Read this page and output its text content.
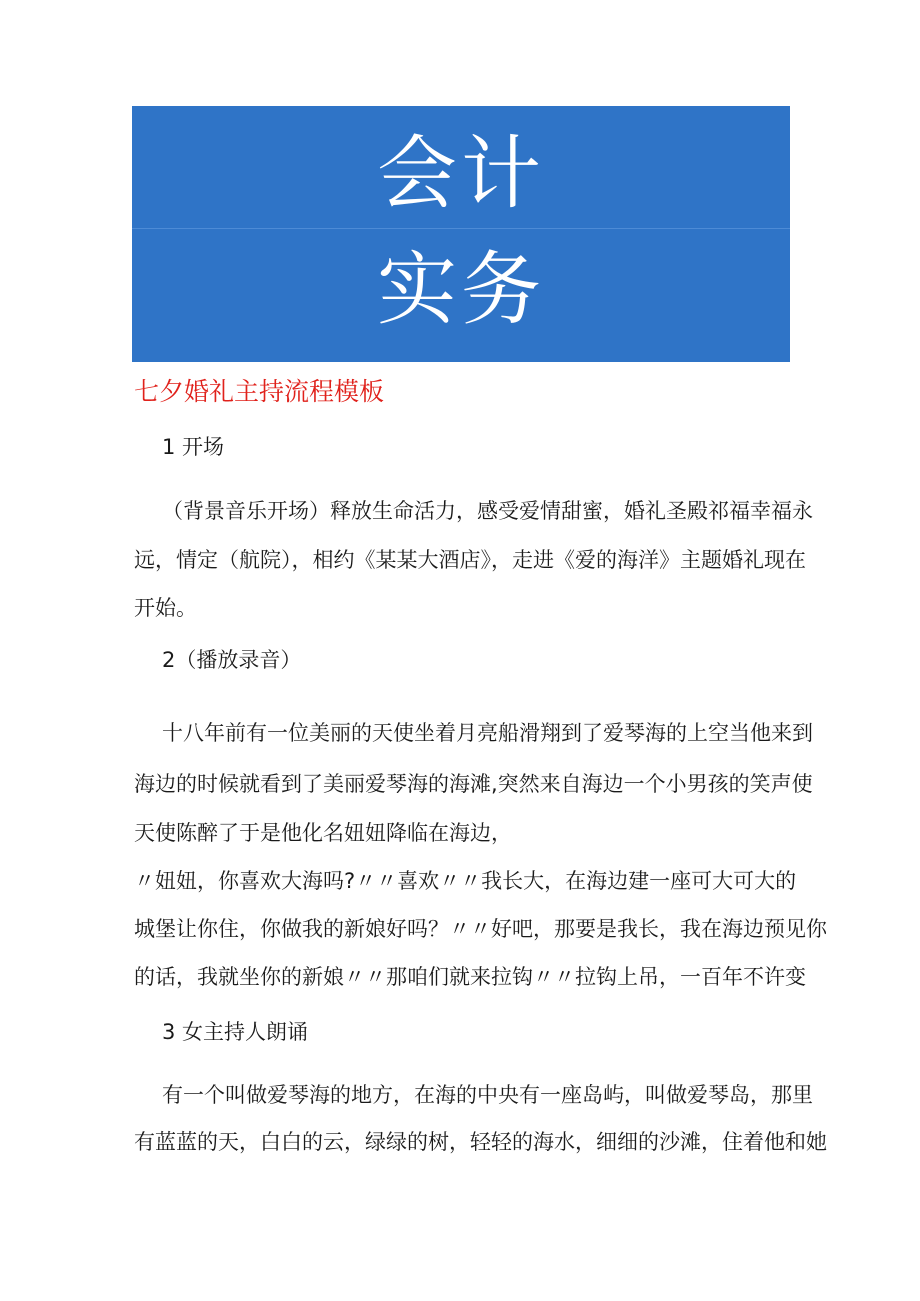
会计
实务
七夕婚礼主持流程模板

1 开场

（背景音乐开场）释放生命活力，感受爱情甜蜜，婚礼圣殿祁福幸福永

远，情定（航院），相约《某某大酒店》，走进《爱的海洋》主题婚礼现在

开始。

2（播放录音）

十八年前有一位美丽的天使坐着月亮船滑翔到了爱琴海的上空当他来到

海边的时候就看到了美丽爱琴海的海滩,突然来自海边一个小男孩的笑声使

天使陈醉了于是他化名妞妞降临在海边，

〃妞妞，你喜欢大海吗?〃〃喜欢〃〃我长大，在海边建一座可大可大的

城堡让你住，你做我的新娘好吗？〃〃好吧，那要是我长，我在海边预见你

的话，我就坐你的新娘〃〃那咱们就来拉钩〃〃拉钩上吊，一百年不许变

3 女主持人朗诵

有一个叫做爱琴海的地方，在海的中央有一座岛屿，叫做爱琴岛，那里

有蓝蓝的天，白白的云，绿绿的树，轻轻的海水，细细的沙滩，住着他和她
